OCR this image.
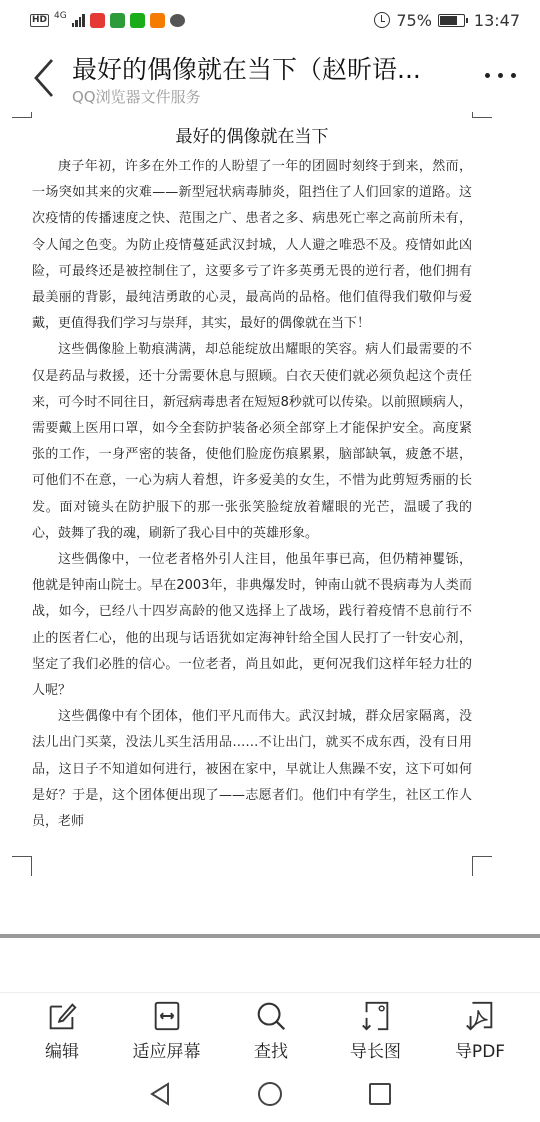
HD 4G	75%	13:47
最好的偶像就在当下（赵昕语...
QQ浏览器文件服务
最好的偶像就在当下

庚子年初，许多在外工作的人盼望了一年的团圆时刻终于到来，然而，一场突如其来的灾难——新型冠状病毒肺炎，阻挡住了人们回家的道路。这次疫情的传播速度之快、范围之广、患者之多、病患死亡率之高前所未有，令人闻之色变。为防止疫情蔓延武汉封城，人人避之唯恐不及。疫情如此凶险，可最终还是被控制住了，这要多亏了许多英勇无畏的逆行者，他们拥有最美丽的背影，最纯洁勇敢的心灵，最高尚的品格。他们值得我们敬仰与爱戴，更值得我们学习与崇拜，其实，最好的偶像就在当下！

这些偶像脸上勒痕满满，却总能绽放出耀眼的笑容。病人们最需要的不仅是药品与救援，还十分需要休息与照顾。白衣天使们就必须负起这个责任来，可今时不同往日，新冠病毒患者在短短8秒就可以传染。以前照顾病人，需要戴上医用口罩，如今全套防护装备必须全部穿上才能保护安全。高度紧张的工作，一身严密的装备，使他们脸庞伤痕累累，脑部缺氧，疲惫不堪，可他们不在意，一心为病人着想，许多爱美的女生，不惜为此剪短秀丽的长发。面对镜头在防护服下的那一张张笑脸绽放着耀眼的光芒，温暖了我的心，鼓舞了我的魂，刷新了我心目中的英雄形象。

这些偶像中，一位老者格外引人注目，他虽年事已高，但仍精神矍铄，他就是钟南山院士。早在2003年，非典爆发时，钟南山就不畏病毒为人类而战，如今，已经八十四岁高龄的他又选择上了战场，践行着疫情不息前行不止的医者仁心，他的出现与话语犹如定海神针给全国人民打了一针安心剂，坚定了我们必胜的信心。一位老者，尚且如此，更何况我们这样年轻力壮的人呢？

这些偶像中有个团体，他们平凡而伟大。武汉封城，群众居家隔离，没法儿出门买菜，没法儿买生活用品……不让出门，就买不成东西，没有日用品，这日子不知道如何进行，被困在家中，早就让人焦躁不安，这下可如何是好？于是，这个团体便出现了——志愿者们。他们中有学生，社区工作人员，老师

编辑	适应屏幕	查找	导长图	导PDF
